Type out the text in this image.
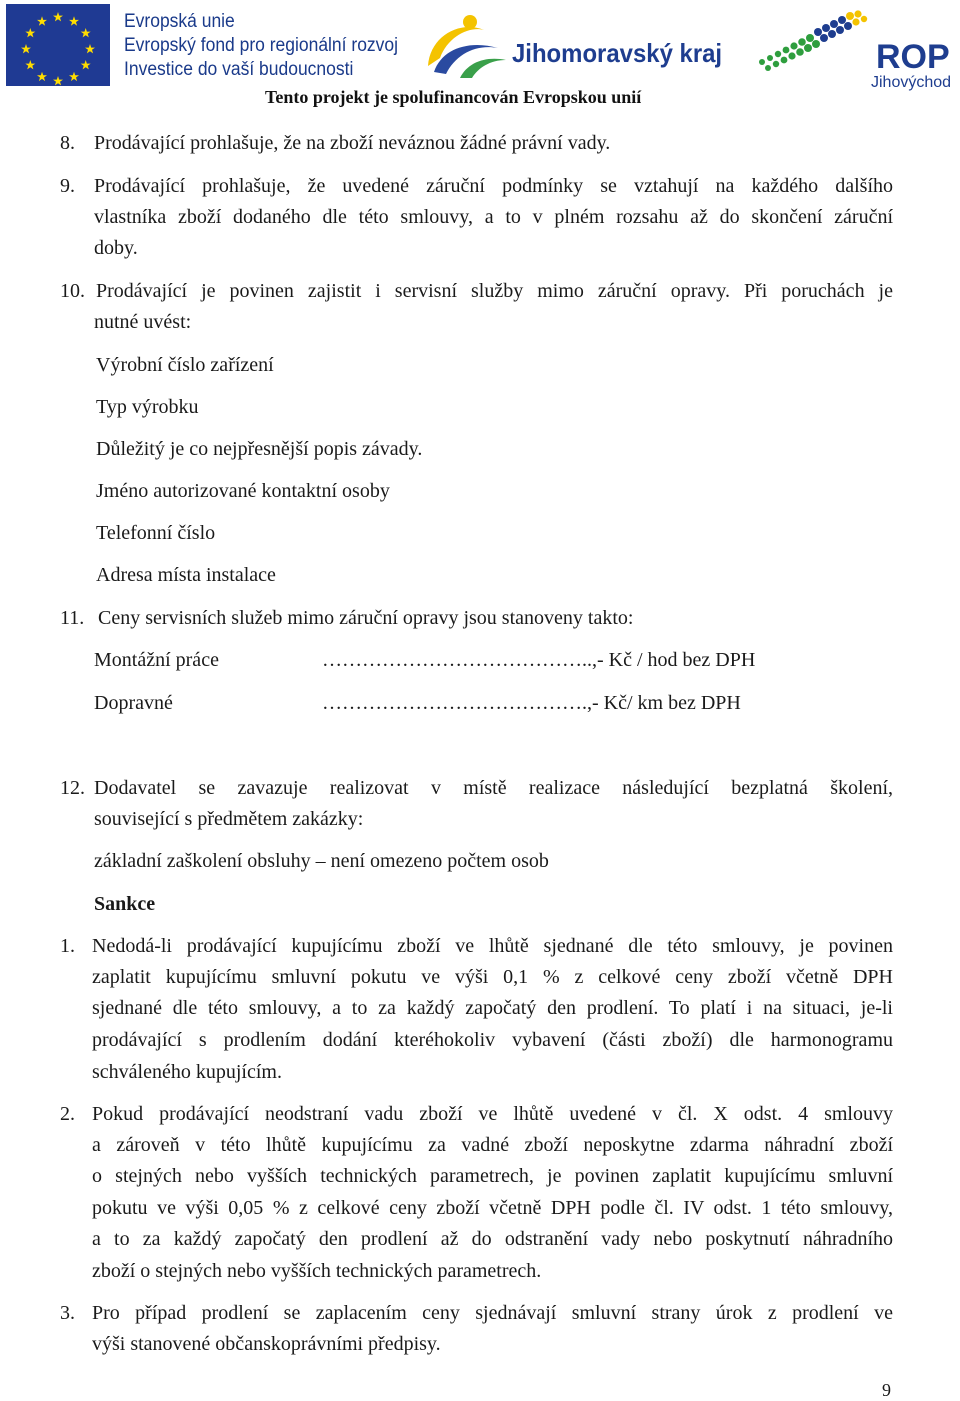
Evropská unie
Evropský fond pro regionální rozvoj
Investice do vaší budoucnosti
Jihomoravský kraj	ROP
Jihovýchod
Tento projekt je spolufinancován Evropskou unií
8. Prodávající prohlašuje, že na zboží neváznou žádné právní vady.
9. Prodávající prohlašuje, že uvedené záruční podmínky se vztahují na každého dalšího
vlastníka zboží dodaného dle této smlouvy, a to v plném rozsahu až do skončení záruční
doby.
10. Prodávající je povinen zajistit i servisní služby mimo záruční opravy. Při poruchách je
nutné uvést:
Výrobní číslo zařízení
Typ výrobku
Důležitý je co nejpřesnější popis závady.
Jméno autorizované kontaktní osoby
Telefonní číslo
Adresa místa instalace
11. Ceny servisních služeb mimo záruční opravy jsou stanoveny takto:
Montážní práce	…………………………………..,- Kč / hod bez DPH
Dopravné	………………………………….,- Kč/ km bez DPH
12. Dodavatel se zavazuje realizovat v místě realizace následující bezplatná školení,
související s předmětem zakázky:
základní zaškolení obsluhy – není omezeno počtem osob
Sankce
1. Nedodá-li prodávající kupujícímu zboží ve lhůtě sjednané dle této smlouvy, je povinen
zaplatit kupujícímu smluvní pokutu ve výši 0,1 % z celkové ceny zboží včetně DPH
sjednané dle této smlouvy, a to za každý započatý den prodlení. To platí i na situaci, je-li
prodávající s prodlením dodání kteréhokoliv vybavení (části zboží) dle harmonogramu
schváleného kupujícím.
2. Pokud prodávající neodstraní vadu zboží ve lhůtě uvedené v čl. X odst. 4 smlouvy
a zároveň v této lhůtě kupujícímu za vadné zboží neposkytne zdarma náhradní zboží
o stejných nebo vyšších technických parametrech, je povinen zaplatit kupujícímu smluvní
pokutu ve výši 0,05 % z celkové ceny zboží včetně DPH podle čl. IV odst. 1 této smlouvy,
a to za každý započatý den prodlení až do odstranění vady nebo poskytnutí náhradního
zboží o stejných nebo vyšších technických parametrech.
3. Pro případ prodlení se zaplacením ceny sjednávají smluvní strany úrok z prodlení ve
výši stanovené občanskoprávními předpisy.
9
